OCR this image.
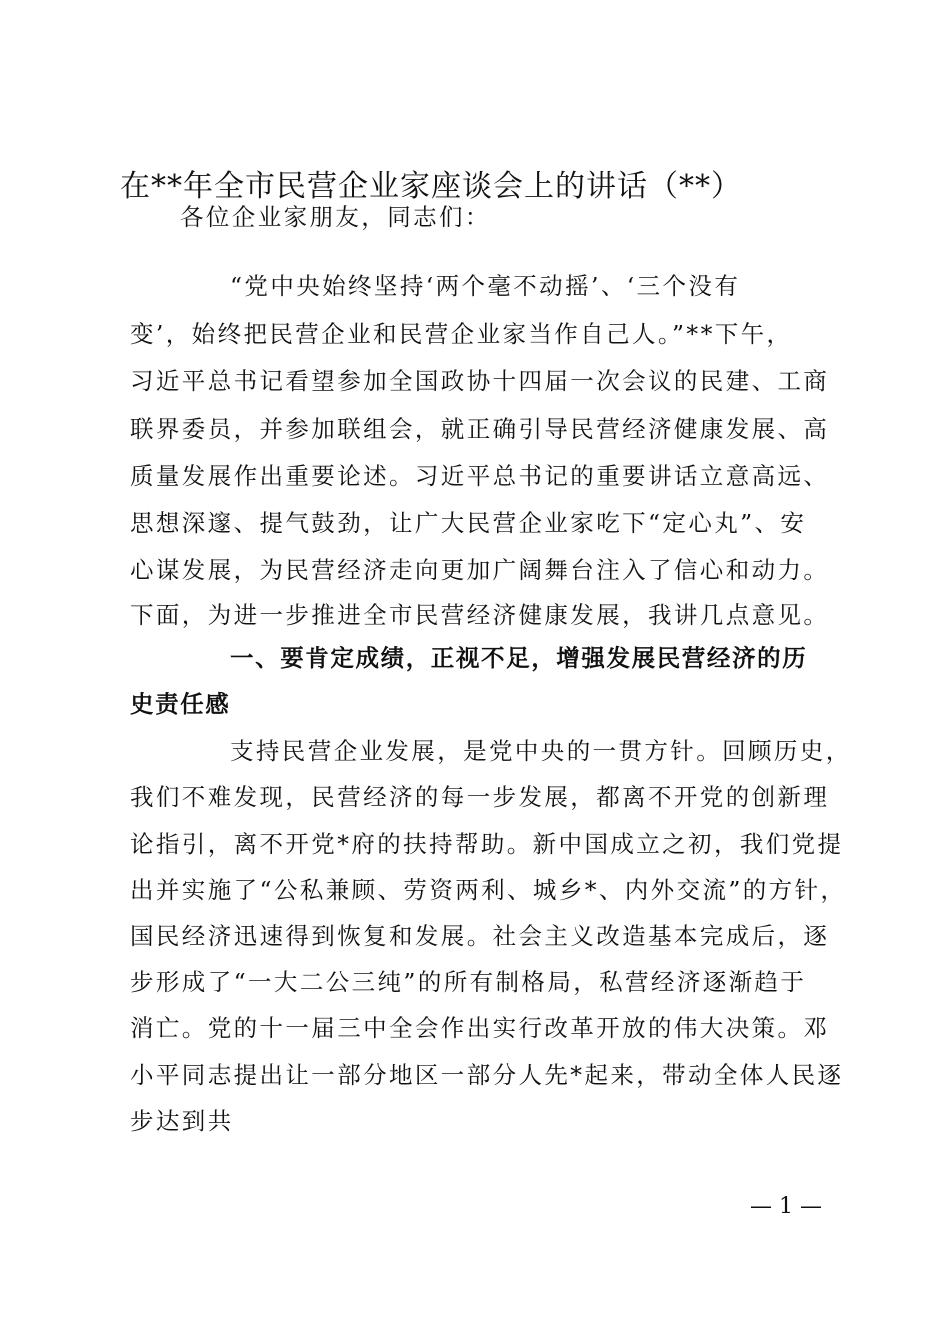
在**年全市民营企业家座谈会上的讲话（**）

各位企业家朋友，同志们：

“党中央始终坚持‘两个毫不动摇’、‘三个没有

变’，始终把民营企业和民营企业家当作自己人。”**下午，

习近平总书记看望参加全国政协十四届一次会议的民建、工商

联界委员，并参加联组会，就正确引导民营经济健康发展、高

质量发展作出重要论述。习近平总书记的重要讲话立意高远、

思想深邃、提气鼓劲，让广大民营企业家吃下“定心丸”、安

心谋发展，为民营经济走向更加广阔舞台注入了信心和动力。

下面，为进一步推进全市民营经济健康发展，我讲几点意见。

一、要肯定成绩，正视不足，增强发展民营经济的历

史责任感

支持民营企业发展，是党中央的一贯方针。回顾历史，

我们不难发现，民营经济的每一步发展，都离不开党的创新理

论指引，离不开党*府的扶持帮助。新中国成立之初，我们党提

出并实施了“公私兼顾、劳资两利、城乡*、内外交流”的方针，

国民经济迅速得到恢复和发展。社会主义改造基本完成后，逐

步形成了“一大二公三纯”的所有制格局，私营经济逐渐趋于

消亡。党的十一届三中全会作出实行改革开放的伟大决策。邓

小平同志提出让一部分地区一部分人先*起来，带动全体人民逐

步达到共

— 1 —
